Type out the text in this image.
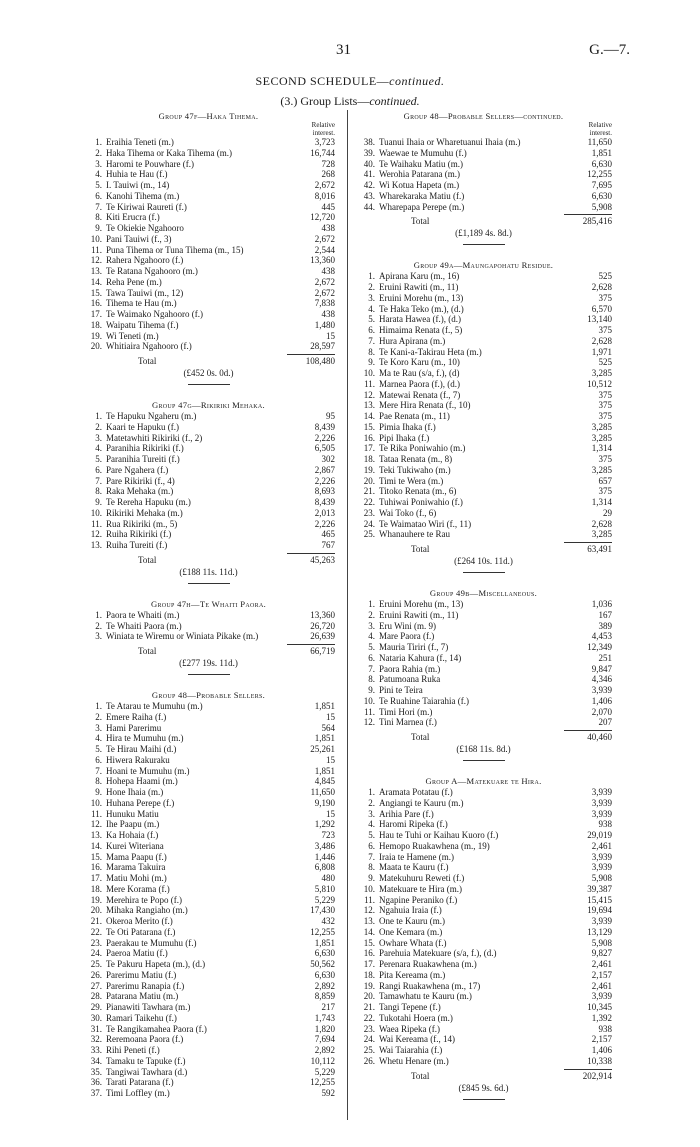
31	G.—7.
SECOND SCHEDULE—continued.
(3.) Group Lists—continued.
Group 47f—Haka Tihema.
Relative
interest.
1. Eraihia Teneti (m.)	3,723
2. Haka Tihema or Kaka Tihema (m.)	16,744
3. Haromi te Pouwhare (f.)	728
4. Huhia te Hau (f.)	268
5. I. Tauiwi (m., 14)	2,672
6. Kanohi Tihema (m.)	8,016
7. Te Kiriwai Raureti (f.)	445
8. Kiti Erucra (f.)	12,720
9. Te Okiekie Ngahooro	438
10. Pani Tauiwi (f., 3)	2,672
11. Puna Tihema or Tuna Tihema (m., 15)	2,544
12. Rahera Ngahooro (f.)	13,360
13. Te Ratana Ngahooro (m.)	438
14. Reha Pene (m.)	2,672
15. Tawa Tauiwi (m., 12)	2,672
16. Tihema te Hau (m.)	7,838
17. Te Waimako Ngahooro (f.)	438
18. Waipatu Tihema (f.)	1,480
19. Wi Teneti (m.)	15
20. Whitiaira Ngahooro (f.)	28,597
Total	108,480
(£452 0s. 0d.)
Group 47g—Rikiriki Mehaka.
1. Te Hapuku Ngaheru (m.)	95
2. Kaari te Hapuku (f.)	8,439
3. Matetawhiti Rikiriki (f., 2)	2,226
4. Paranihia Rikiriki (f.)	6,505
5. Paranihia Tureiti (f.)	302
6. Pare Ngahera (f.)	2,867
7. Pare Rikiriki (f., 4)	2,226
8. Raka Mehaka (m.)	8,693
9. Te Rereha Hapuku (m.)	8,439
10. Rikiriki Mehaka (m.)	2,013
11. Rua Rikiriki (m., 5)	2,226
12. Ruiha Rikiriki (f.)	465
13. Ruiha Tureiti (f.)	767
Total	45,263
(£188 11s. 11d.)
Group 47h—Te Whaiti Paora.
1. Paora te Whaiti (m.)	13,360
2. Te Whaiti Paora (m.)	26,720
3. Winiata te Wiremu or Winiata Pikake (m.)	26,639
Total	66,719
(£277 19s. 11d.)
Group 48—Probable Sellers.
1. Te Atarau te Mumuhu (m.)	1,851
2. Emere Raiha (f.)	15
3. Hami Parerimu	564
4. Hira te Mumuhu (m.)	1,851
5. Te Hirau Maihi (d.)	25,261
6. Hiwera Rakuraku	15
7. Hoani te Mumuhu (m.)	1,851
8. Hohepa Haami (m.)	4,845
9. Hone Ihaia (m.)	11,650
10. Huhana Perepe (f.)	9,190
11. Hunuku Matiu	15
12. Ihe Paapu (m.)	1,292
13. Ka Hohaia (f.)	723
14. Kurei Witeriana	3,486
15. Mama Paapu (f.)	1,446
16. Marama Takuira	6,808
17. Matiu Mohi (m.)	480
18. Mere Korama (f.)	5,810
19. Merehira te Popo (f.)	5,229
20. Mihaka Rangiaho (m.)	17,430
21. Okeroa Merito (f.)	432
22. Te Oti Patarana (f.)	12,255
23. Paerakau te Mumuhu (f.)	1,851
24. Paeroa Matiu (f.)	6,630
25. Te Pakuru Hapeta (m.), (d.)	50,562
26. Parerimu Matiu (f.)	6,630
27. Parerimu Ranapia (f.)	2,892
28. Patarana Matiu (m.)	8,859
29. Pianawiti Tawhara (m.)	217
30. Ramari Taikehu (f.)	1,743
31. Te Rangikamahea Paora (f.)	1,820
32. Reremoana Paora (f.)	7,694
33. Rihi Peneti (f.)	2,892
34. Tamaku te Tapuke (f.)	10,112
35. Tangiwai Tawhara (d.)	5,229
36. Tarati Patarana (f.)	12,255
37. Timi Loffley (m.)	592
Group 48—Probable Sellers—continued.
Relative
interest.
38. Tuanui Ihaia or Wharetuanui Ihaia (m.)	11,650
39. Waewae te Mumuhu (f.)	1,851
40. Te Waihaku Matiu (m.)	6,630
41. Werohia Patarana (m.)	12,255
42. Wi Kotua Hapeta (m.)	7,695
43. Wharekaraka Matiu (f.)	6,630
44. Wharepapa Perepe (m.)	5,908
Total	285,416
(£1,189 4s. 8d.)
Group 49a—Maungapohatu Residue.
1. Apirana Karu (m., 16)	525
2. Eruini Rawiti (m., 11)	2,628
3. Eruini Morehu (m., 13)	375
4. Te Haka Teko (m.), (d.)	6,570
5. Harata Hawea (f.), (d.)	13,140
6. Himaima Renata (f., 5)	375
7. Hura Apirana (m.)	2,628
8. Te Kani-a-Takirau Heta (m.)	1,971
9. Te Koro Karu (m., 10)	525
10. Ma te Rau (s/a, f.), (d)	3,285
11. Marnea Paora (f.), (d.)	10,512
12. Matewai Renata (f., 7)	375
13. Mere Hira Renata (f., 10)	375
14. Pae Renata (m., 11)	375
15. Pimia Ihaka (f.)	3,285
16. Pipi Ihaka (f.)	3,285
17. Te Rika Poniwahio (m.)	1,314
18. Tataa Renata (m., 8)	375
19. Teki Tukiwaho (m.)	3,285
20. Timi te Wera (m.)	657
21. Titoko Renata (m., 6)	375
22. Tuhiwai Poniwahio (f.)	1,314
23. Wai Toko (f., 6)	29
24. Te Waimatao Wiri (f., 11)	2,628
25. Whanauhere te Rau	3,285
Total	63,491
(£264 10s. 11d.)
Group 49b—Miscellaneous.
1. Eruini Morehu (m., 13)	1,036
2. Eruini Rawiti (m., 11)	167
3. Eru Wini (m. 9)	389
4. Mare Paora (f.)	4,453
5. Mauria Tiriri (f., 7)	12,349
6. Nataria Kahura (f., 14)	251
7. Paora Rahia (m.)	9,847
8. Patumoana Ruka	4,346
9. Pini te Teira	3,939
10. Te Ruahine Taiarahia (f.)	1,406
11. Timi Hori (m.)	2,070
12. Tini Marnea (f.)	207
Total	40,460
(£168 11s. 8d.)
Group A—Matekuare te Hira.
1. Aramata Potatau (f.)	3,939
2. Angiangi te Kauru (m.)	3,939
3. Arihia Pare (f.)	3,939
4. Haromi Ripeka (f.)	938
5. Hau te Tuhi or Kaihau Kuoro (f.)	29,019
6. Hemopo Ruakawhena (m., 19)	2,461
7. Iraia te Hamene (m.)	3,939
8. Maata te Kauru (f.)	3,939
9. Matekuhuru Reweti (f.)	5,908
10. Matekuare te Hira (m.)	39,387
11. Ngapine Peraniko (f.)	15,415
12. Ngahuia Iraia (f.)	19,694
13. One te Kauru (m.)	3,939
14. One Kemara (m.)	13,129
15. Owhare Whata (f.)	5,908
16. Parehuia Matekuare (s/a, f.), (d.)	9,827
17. Perenara Ruakawhena (m.)	2,461
18. Pita Kereama (m.)	2,157
19. Rangi Ruakawhena (m., 17)	2,461
20. Tamawhatu te Kauru (m.)	3,939
21. Tangi Tepene (f.)	10,345
22. Tukotahi Hoera (m.)	1,392
23. Waea Ripeka (f.)	938
24. Wai Kereama (f., 14)	2,157
25. Wai Taiarahia (f.)	1,406
26. Whetu Henare (m.)	10,338
Total	202,914
(£845 9s. 6d.)
